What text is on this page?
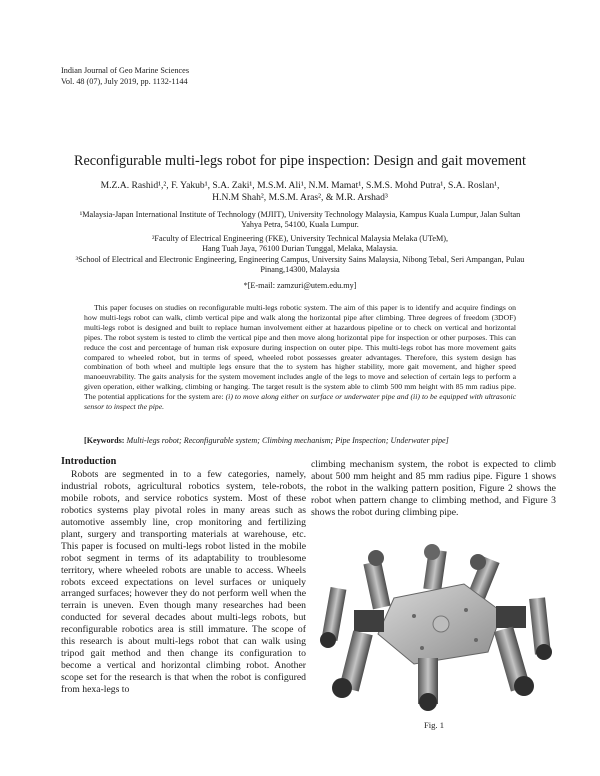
Indian Journal of Geo Marine Sciences
Vol. 48 (07), July 2019, pp. 1132-1144
Reconfigurable multi-legs robot for pipe inspection: Design and gait movement
M.Z.A. Rashid¹,², F. Yakub¹, S.A. Zaki¹, M.S.M. Ali¹, N.M. Mamat¹, S.M.S. Mohd Putra¹, S.A. Roslan¹,
H.N.M Shah², M.S.M. Aras², & M.R. Arshad³
¹Malaysia-Japan International Institute of Technology (MJIIT), University Technology Malaysia, Kampus Kuala Lumpur, Jalan Sultan
Yahya Petra, 54100, Kuala Lumpur.
²Faculty of Electrical Engineering (FKE), University Technical Malaysia Melaka (UTeM),
Hang Tuah Jaya, 76100 Durian Tunggal, Melaka, Malaysia.
³School of Electrical and Electronic Engineering, Engineering Campus, University Sains Malaysia, Nibong Tebal, Seri Ampangan, Pulau
Pinang,14300, Malaysia
*[E-mail: zamzuri@utem.edu.my]
This paper focuses on studies on reconfigurable multi-legs robotic system. The aim of this paper is to identify and acquire findings on how multi-legs robot can walk, climb vertical pipe and walk along the horizontal pipe after climbing. Three degrees of freedom (3DOF) multi-legs robot is designed and built to replace human involvement either at hazardous pipeline or to check on vertical and horizontal pipes. The robot system is tested to climb the vertical pipe and then move along horizontal pipe for inspection or other purposes. This can reduce the cost and percentage of human risk exposure during inspection on outer pipe. This multi-legs robot has more movement gaits compared to wheeled robot, but in terms of speed, wheeled robot possesses greater advantages. Therefore, this system design has combination of both wheel and multiple legs ensure that the to system has higher stability, more gait movement, and higher speed manoeuvrability. The gaits analysis for the system movement includes angle of the legs to move and selection of certain legs to perform a given operation, either walking, climbing or hanging. The target result is the system able to climb 500 mm height with 85 mm radius pipe. The potential applications for the system are: (i) to move along either on surface or underwater pipe and (ii) to be equipped with ultrasonic sensor to inspect the pipe.
[Keywords: Multi-legs robot; Reconfigurable system; Climbing mechanism; Pipe Inspection; Underwater pipe]
Introduction
Robots are segmented in to a few categories, namely, industrial robots, agricultural robotics system, tele-robots, mobile robots, and service robotics system. Most of these robotics systems play pivotal roles in many areas such as automotive assembly line, crop monitoring and fertilizing plant, surgery and transporting materials at warehouse, etc. This paper is focused on multi-legs robot listed in the mobile robot segment in terms of its adaptability to troublesome territory, where wheeled robots are unable to access. Wheels robots exceed expectations on level surfaces or uniquely arranged surfaces; however they do not perform well when the terrain is uneven. Even though many researches had been conducted for several decades about multi-legs robots, but reconfigurable robotics area is still immature. The scope of this research is about multi-legs robot that can walk using tripod gait method and then change its configuration to become a vertical and horizontal climbing robot. Another scope set for the research is that when the robot is configured from hexa-legs to
climbing mechanism system, the robot is expected to climb about 500 mm height and 85 mm radius pipe. Figure 1 shows the robot in the walking pattern position, Figure 2 shows the robot when pattern change to climbing method, and Figure 3 shows the robot during climbing pipe.
Fig. 1
